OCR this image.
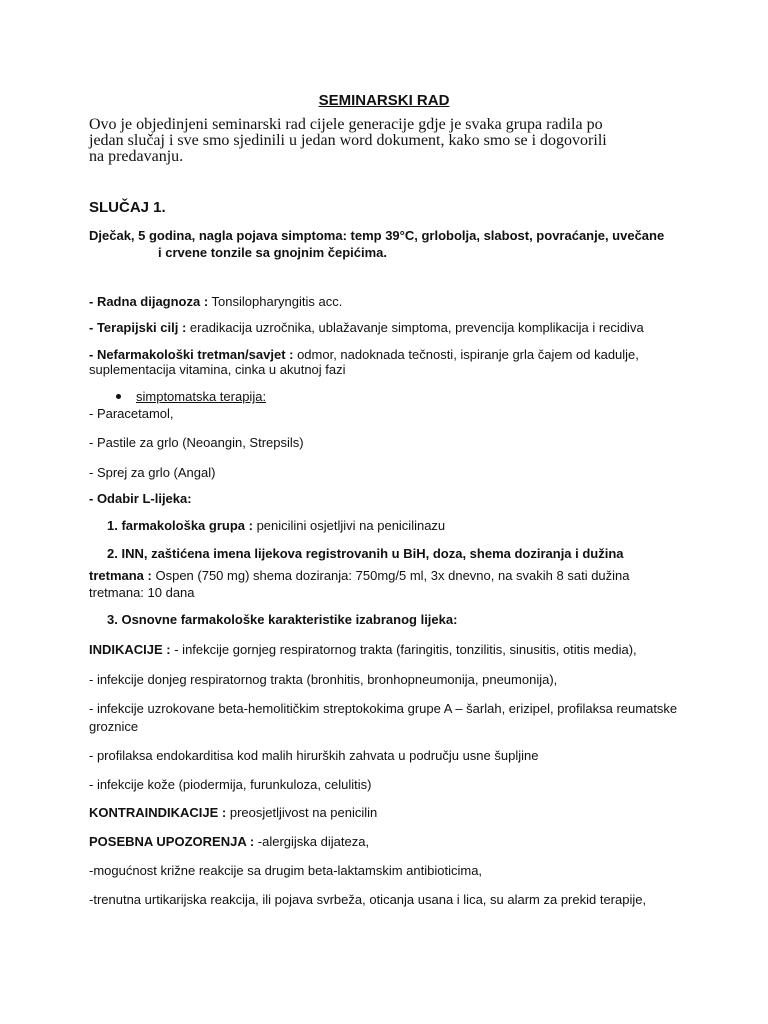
SEMINARSKI RAD
Ovo je objedinjeni seminarski rad cijele generacije gdje je svaka grupa radila po
jedan slučaj i sve smo sjedinili u jedan word dokument, kako smo se i dogovorili
na predavanju.
SLUČAJ 1.
Dječak, 5 godina, nagla pojava simptoma: temp 39°C, grlobolja, slabost, povraćanje, uvečane
i crvene tonzile sa gnojnim čepićima.
- Radna dijagnoza : Tonsilopharyngitis acc.
- Terapijski cilj : eradikacija uzročnika, ublažavanje simptoma, prevencija komplikacija i recidiva
- Nefarmakološki tretman/savjet : odmor, nadoknada tečnosti, ispiranje grla čajem od kadulje,
suplementacija vitamina, cinka u akutnoj fazi
simptomatska terapija:
- Paracetamol,
- Pastile za grlo (Neoangin, Strepsils)
- Sprej za grlo (Angal)
- Odabir L-lijeka:
1. farmakološka grupa : penicilini osjetljivi na penicilinazu
2. INN, zaštićena imena lijekova registrovanih u BiH, doza, shema doziranja i dužina
tretmana : Ospen (750 mg) shema doziranja: 750mg/5 ml, 3x dnevno, na svakih 8 sati dužina
tretmana: 10 dana
3. Osnovne farmakološke karakteristike izabranog lijeka:
INDIKACIJE : - infekcije gornjeg respiratornog trakta (faringitis, tonzilitis, sinusitis, otitis media),
- infekcije donjeg respiratornog trakta (bronhitis, bronhopneumonija, pneumonija),
- infekcije uzrokovane beta-hemolitičkim streptokokima grupe A – šarlah, erizipel, profilaksa reumatske
groznice
- profilaksa endokarditisa kod malih hirurških zahvata u području usne šupljine
- infekcije kože (piodermija, furunkuloza, celulitis)
KONTRAINDIKACIJE : preosjetljivost na penicilin
POSEBNA UPOZORENJA : -alergijska dijateza,
-mogućnost križne reakcije sa drugim beta-laktamskim antibioticima,
-trenutna urtikarijska reakcija, ili pojava svrbeža, oticanja usana i lica, su alarm za prekid terapije,
